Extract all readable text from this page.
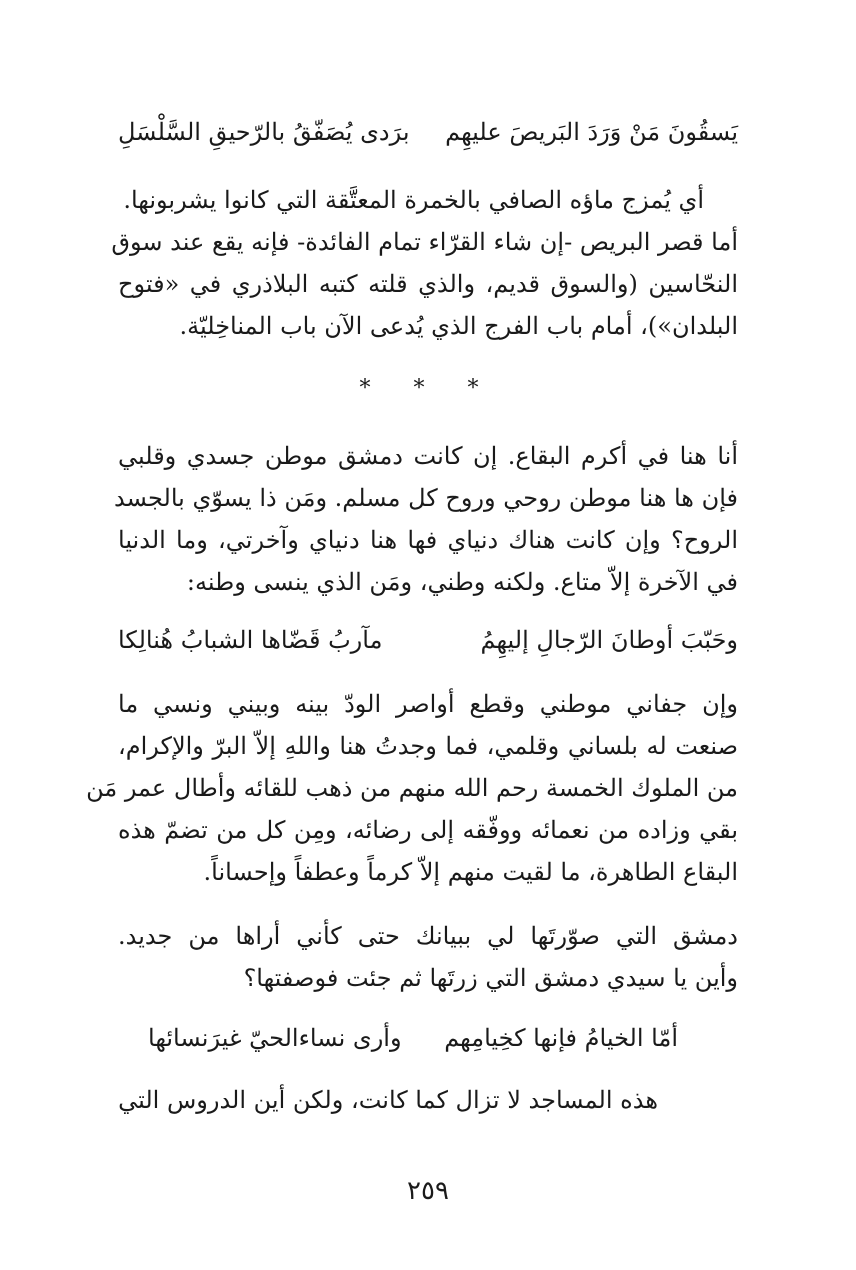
يَسقُونَ مَنْ وَرَدَ البَريصَ عليهِم
برَدى يُصَفّقُ بالرّحيقِ السَّلْسَلِ
أي يُمزج ماؤه الصافي بالخمرة المعتَّقة التي كانوا يشربونها.
أما قصر البريص -إن شاء القرّاء تمام الفائدة- فإنه يقع عند سوق
النحّاسين (والسوق قديم، والذي قلته كتبه البلاذري في «فتوح
البلدان»)، أمام باب الفرج الذي يُدعى الآن باب المناخِليّة.
* * *
أنا هنا في أكرم البقاع. إن كانت دمشق موطن جسدي وقلبي
فإن ها هنا موطن روحي وروح كل مسلم. ومَن ذا يسوّي بالجسد
الروح؟ وإن كانت هناك دنياي فها هنا دنياي وآخرتي، وما الدنيا
في الآخرة إلاّ متاع. ولكنه وطني، ومَن الذي ينسى وطنه:
وحَبّبَ أوطانَ الرّجالِ إليهِمُ
مآربُ قَضّاها الشبابُ هُنالِكا
وإن جفاني موطني وقطع أواصر الودّ بينه وبيني ونسي ما
صنعت له بلساني وقلمي، فما وجدتُ هنا واللهِ إلاّ البرّ والإكرام،
من الملوك الخمسة رحم الله منهم من ذهب للقائه وأطال عمر مَن
بقي وزاده من نعمائه ووفّقه إلى رضائه، ومِن كل من تضمّ هذه
البقاع الطاهرة، ما لقيت منهم إلاّ كرماً وعطفاً وإحساناً.
دمشق التي صوّرتَها لي ببيانك حتى كأني أراها من جديد.
وأين يا سيدي دمشق التي زرتَها ثم جئت فوصفتها؟
أمّا الخيامُ فإنها كخِيامِهم
وأرى نساءالحيّ غيرَنسائها
هذه المساجد لا تزال كما كانت، ولكن أين الدروس التي
٢٥٩
